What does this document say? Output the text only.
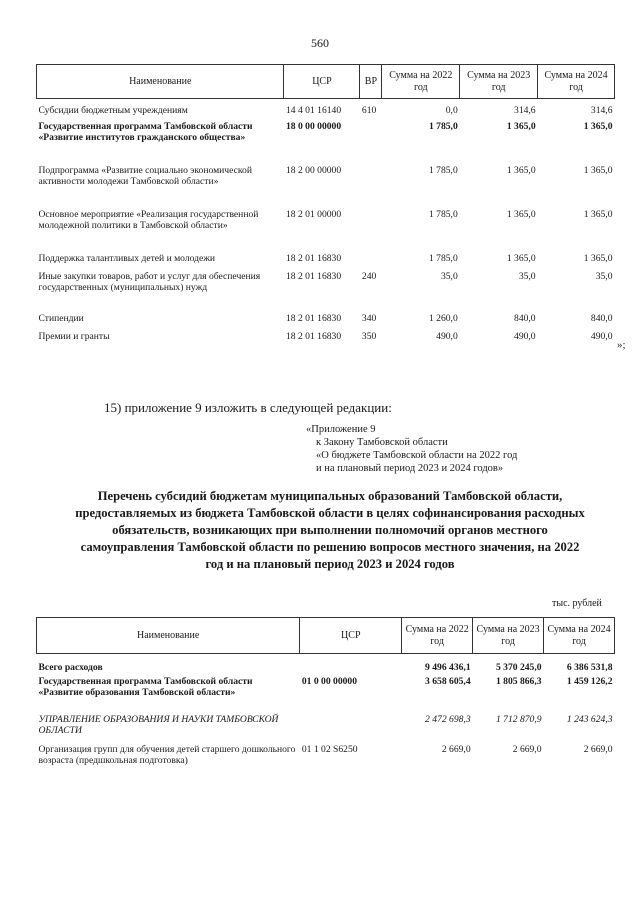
560
Наименование	ЦСР	ВР	Сумма на 2022 год	Сумма на 2023 год	Сумма на 2024 год
Субсидии бюджетным учреждениям	14 4 01 16140	610	0,0	314,6	314,6
Государственная программа Тамбовской области «Развитие институтов гражданского общества»	18 0 00 00000		1 785,0	1 365,0	1 365,0
Подпрограмма «Развитие социально экономической активности молодежи Тамбовской области»	18 2 00 00000		1 785,0	1 365,0	1 365,0
Основное мероприятие «Реализация государственной молодежной политики в Тамбовской области»	18 2 01 00000		1 785,0	1 365,0	1 365,0
Поддержка талантливых детей и молодежи	18 2 01 16830		1 785,0	1 365,0	1 365,0
Иные закупки товаров, работ и услуг для обеспечения государственных (муниципальных) нужд	18 2 01 16830	240	35,0	35,0	35,0
Стипендии	18 2 01 16830	340	1 260,0	840,0	840,0
Премии и гранты	18 2 01 16830	350	490,0	490,0	490,0
»;
15) приложение 9 изложить в следующей редакции:
«Приложение 9
к Закону Тамбовской области
«О бюджете Тамбовской области на 2022 год
и на плановый период 2023 и 2024 годов»
Перечень субсидий бюджетам муниципальных образований Тамбовской области, предоставляемых из бюджета Тамбовской области в целях софинансирования расходных обязательств, возникающих при выполнении полномочий органов местного самоуправления Тамбовской области по решению вопросов местного значения, на 2022 год и на плановый период 2023 и 2024 годов
тыс. рублей
Наименование	ЦСР	Сумма на 2022 год	Сумма на 2023 год	Сумма на 2024 год
Всего расходов		9 496 436,1	5 370 245,0	6 386 531,8
Государственная программа Тамбовской области «Развитие образования Тамбовской области»	01 0 00 00000	3 658 605,4	1 805 866,3	1 459 126,2
УПРАВЛЕНИЕ ОБРАЗОВАНИЯ И НАУКИ ТАМБОВСКОЙ ОБЛАСТИ		2 472 698,3	1 712 870,9	1 243 624,3
Организация групп для обучения детей старшего дошкольного возраста (предшкольная подготовка)	01 1 02 S6250	2 669,0	2 669,0	2 669,0
